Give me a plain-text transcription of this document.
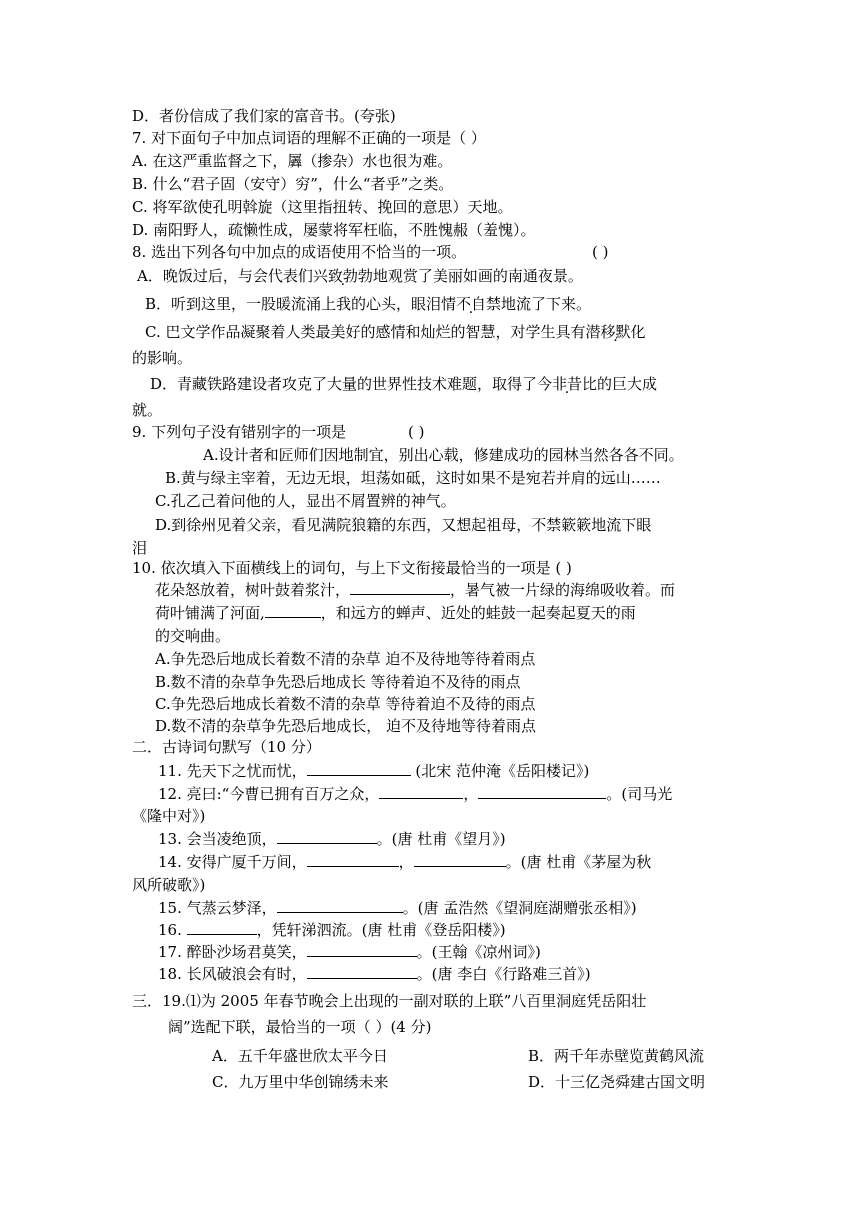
D．者份信成了我们家的富音书。(夸张)
7. 对下面句子中加点词语的理解不正确的一项是（ ）
A. 在这严重监督之下，羼（掺杂）水也很为难。
B. 什么“君子固（安守）穷”，什么“者乎”之类。
C. 将军欲使孔明斡旋（这里指扭转、挽回的意思）天地。
D. 南阳野人，疏懒性成，屡蒙将军枉临，不胜愧赧（羞愧）。
8. 选出下列各句中加点的成语使用不恰当的一项。	( )
A．晚饭过后，与会代表们兴致勃勃地观赏了美丽如画的南通夜景。
B．听到这里，一股暖流涌上我的心头，眼泪情不自禁地流了下来。
C. 巴文学作品凝聚着人类最美好的感情和灿烂的智慧，对学生具有潜移默化
的影响。
D．青藏铁路建设者攻克了大量的世界性技术难题，取得了今非昔比的巨大成
就。
9. 下列句子没有错别字的一项是	( )
A.设计者和匠师们因地制宜，别出心载，修建成功的园林当然各各不同。
B.黄与绿主宰着，无边无垠，坦荡如砥，这时如果不是宛若并肩的远山……
C.孔乙己着问他的人，显出不屑置辨的神气。
D.到徐州见着父亲，看见满院狼籍的东西，又想起祖母，不禁簌簌地流下眼
泪
10. 依次填入下面横线上的词句，与上下文衔接最恰当的一项是 ( )
花朵怒放着，树叶鼓着浆汁，	，暑气被一片绿的海绵吸收着。而
荷叶铺满了河面,	，和远方的蝉声、近处的蛙鼓一起奏起夏天的雨
的交响曲。
A.争先恐后地成长着数不清的杂草 迫不及待地等待着雨点
B.数不清的杂草争先恐后地成长 等待着迫不及待的雨点
C.争先恐后地成长着数不清的杂草 等待着迫不及待的雨点
D.数不清的杂草争先恐后地成长， 迫不及待地等待着雨点
二．古诗词句默写（10 分）
11. 先天下之忧而忧，	(北宋 范仲淹《岳阳楼记》)
12. 亮曰:“今曹已拥有百万之众，	，	。(司马光
《隆中对》)
13. 会当凌绝顶，	。(唐 杜甫《望月》)
14. 安得广厦千万间，	，	。(唐 杜甫《茅屋为秋
风所破歌》)
15. 气蒸云梦泽，	。(唐 孟浩然《望洞庭湖赠张丞相》)
16.	，凭轩涕泗流。(唐 杜甫《登岳阳楼》)
17. 醉卧沙场君莫笑，	。(王翰《凉州词》)
18. 长风破浪会有时，	。(唐 李白《行路难三首》)
三．19.⑴为 2005 年春节晚会上出现的一副对联的上联”八百里洞庭凭岳阳壮
阔”选配下联，最恰当的一项（ ）(4 分)
A．五千年盛世欣太平今日	B．两千年赤壁览黄鹤风流
C．九万里中华创锦绣未来	D．十三亿尧舜建古国文明
